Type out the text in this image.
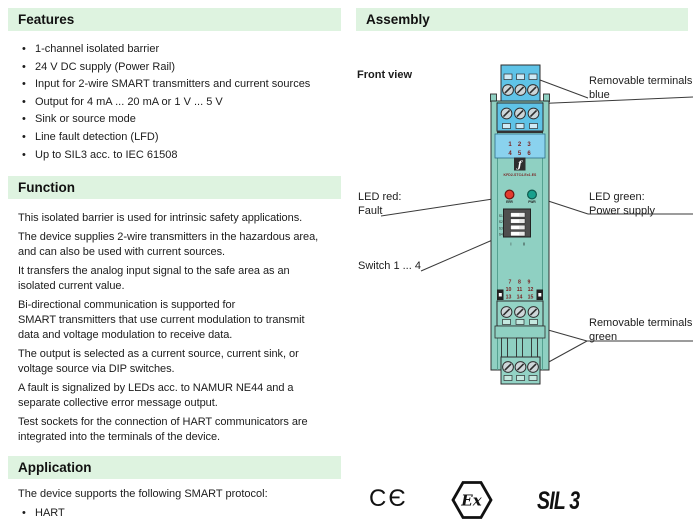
Features
• 1-channel isolated barrier
• 24 V DC supply (Power Rail)
• Input for 2-wire SMART transmitters and current sources
• Output for 4 mA ... 20 mA or 1 V ... 5 V
• Sink or source mode
• Line fault detection (LFD)
• Up to SIL3 acc. to IEC 61508
Function
This isolated barrier is used for intrinsic safety applications.
The device supplies 2-wire transmitters in the hazardous area,
and can also be used with current sources.
It transfers the analog input signal to the safe area as an
isolated current value.
Bi-directional communication is supported for
SMART transmitters that use current modulation to transmit
data and voltage modulation to receive data.
The output is selected as a current source, current sink, or
voltage source via DIP switches.
A fault is signalized by LEDs acc. to NAMUR NE44 and a
separate collective error message output.
Test sockets for the connection of HART communicators are
integrated into the terminals of the device.
Application
The device supports the following SMART protocol:
• HART
Assembly
Front view	Removable terminals
blue
LED red:
Fault
LED green:
Power supply
Switch 1 ... 4
Removable terminals
green
1 2 3
4 5 6
ƒ
KFD2-STC4-Ex1.ES
ERR	PWR
S1
S2
S3
S4
I	II
7 8 9
10 11 12
13 14 15
CЄ	Ex SIL 3
